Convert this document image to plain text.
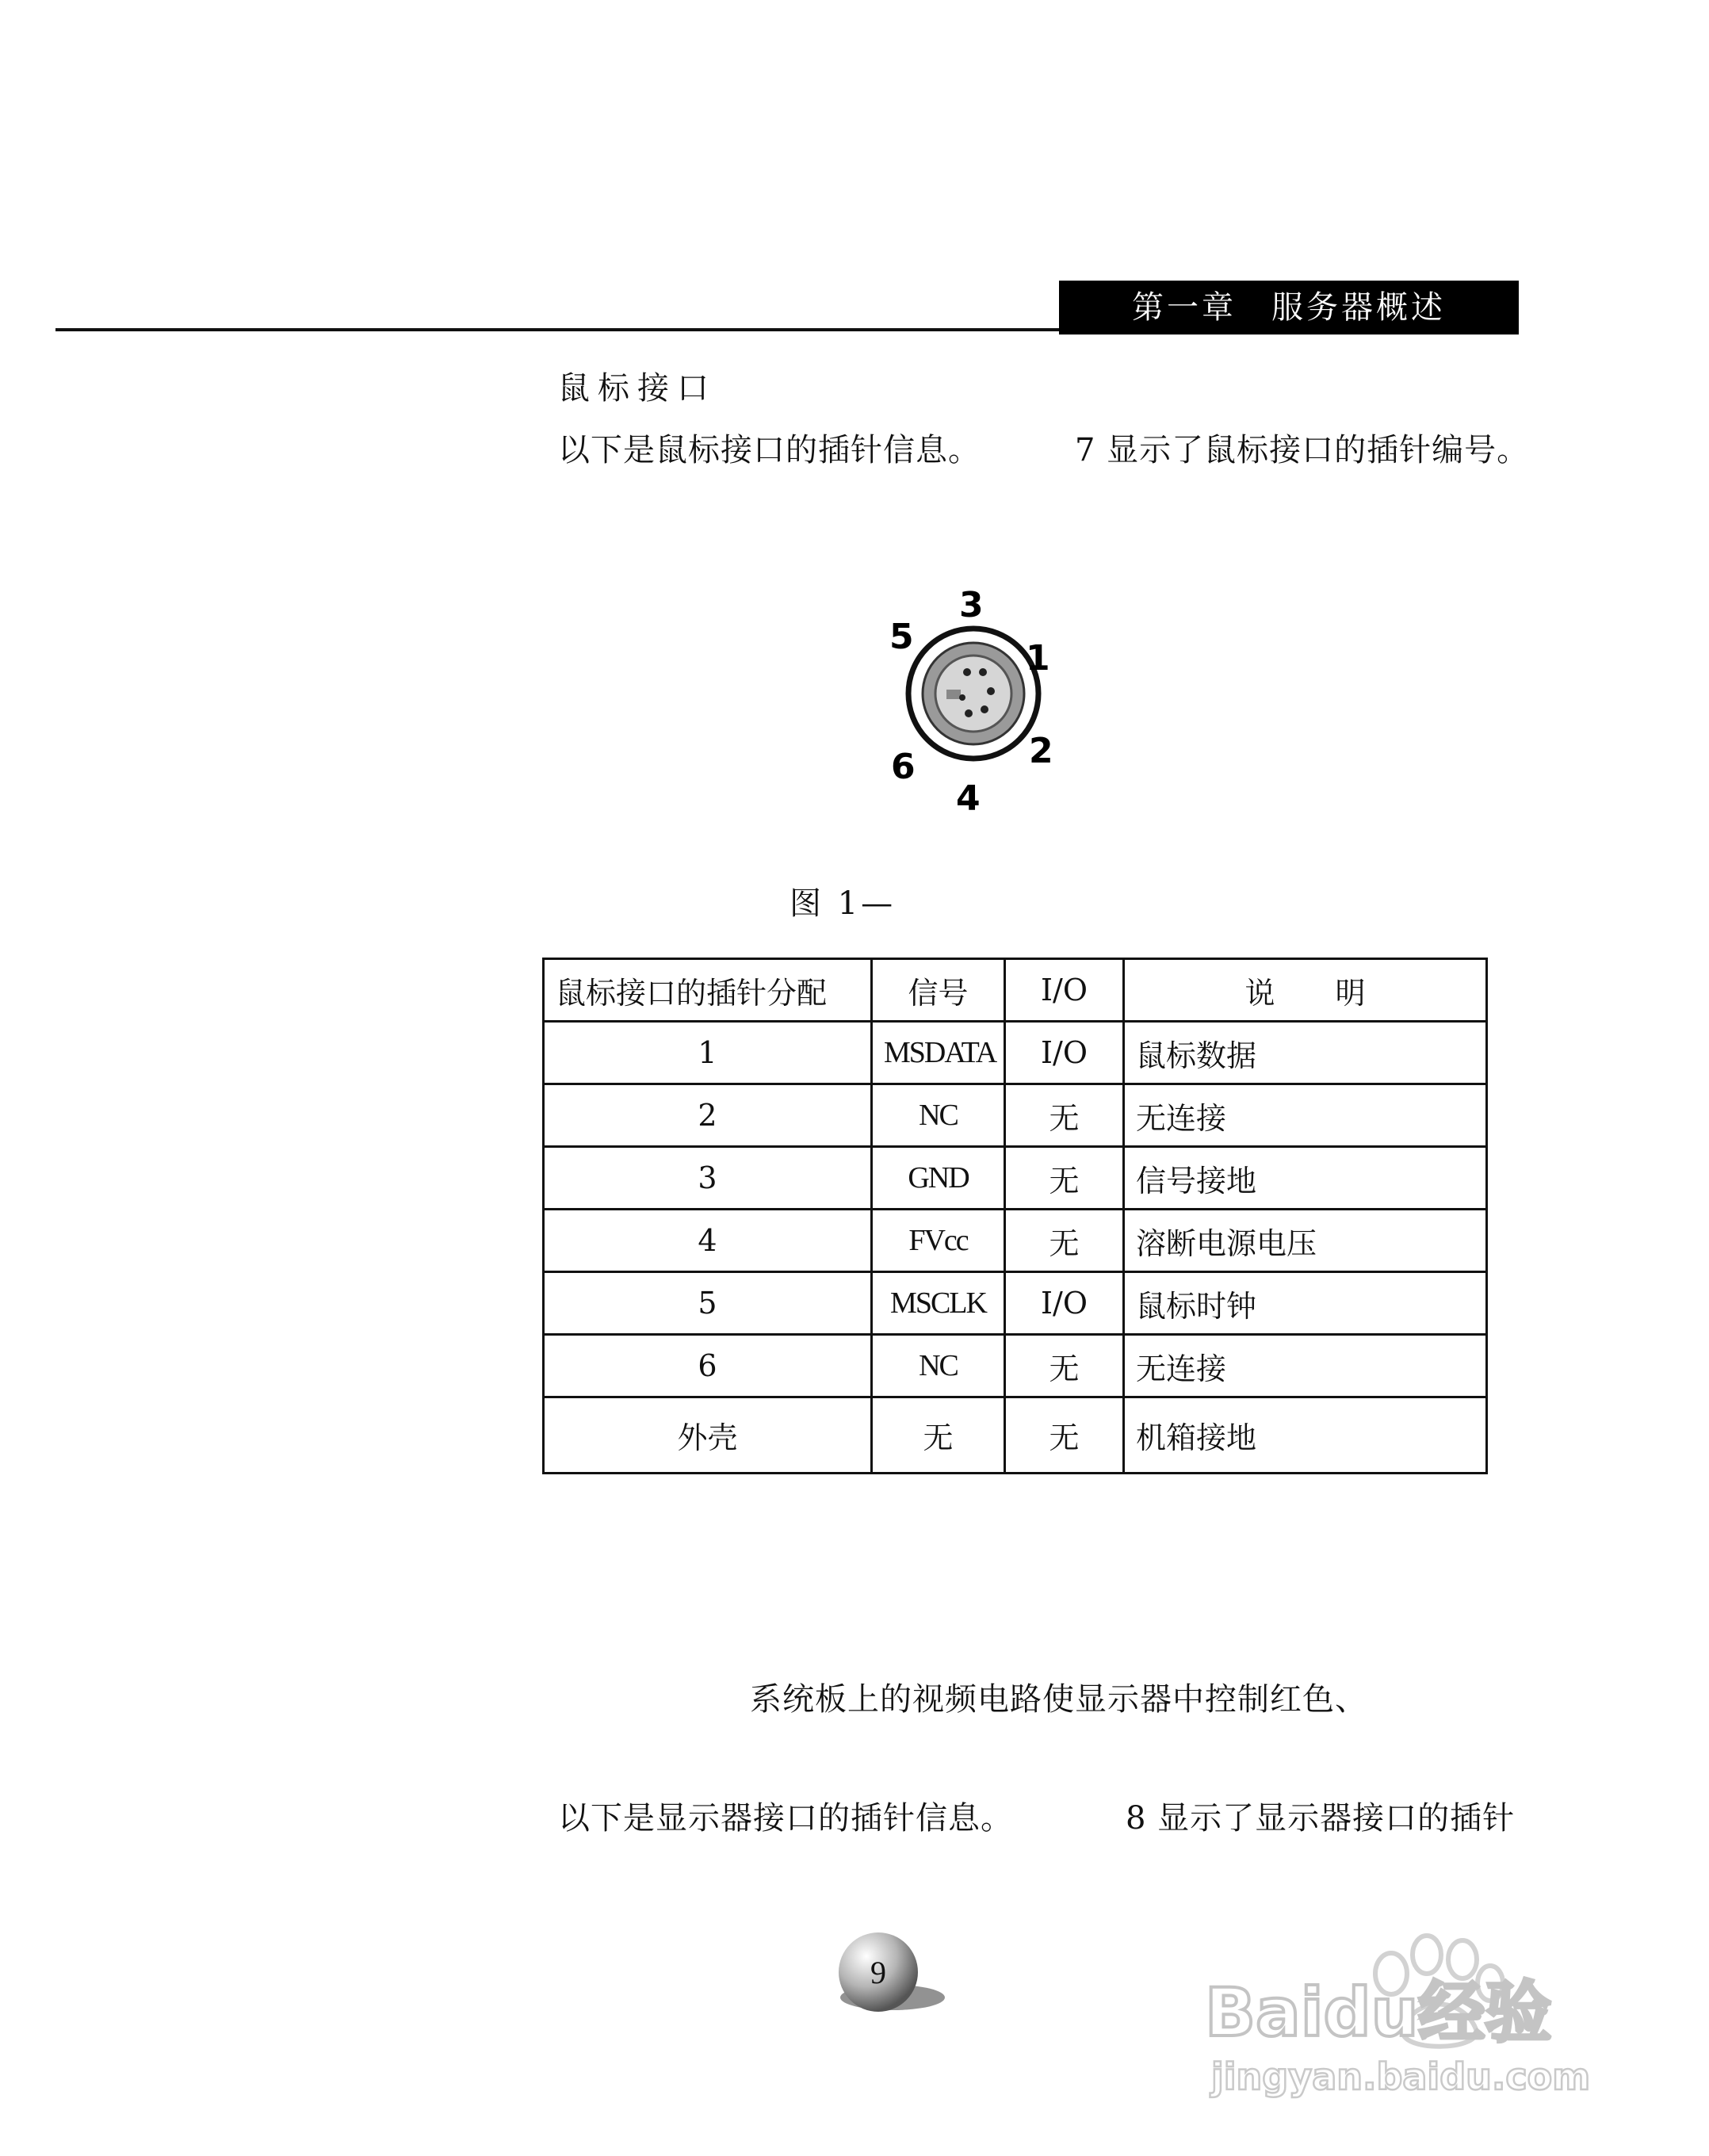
第一章　服务器概述
鼠标接口
以下是鼠标接口的插针信息。	7 显示了鼠标接口的插针编号。
1
2
3
4
5
6
图 1—
鼠标接口的插针分配	信号	I/O	说　　明
1	MSDATA	I/O	鼠标数据
2	NC	无	无连接
3	GND	无	信号接地
4	FVcc	无	溶断电源电压
5	MSCLK	I/O	鼠标时钟
6	NC	无	无连接
外壳	无	无	机箱接地
系统板上的视频电路使显示器中控制红色、
以下是显示器接口的插针信息。	8 显示了显示器接口的插针
9
Baidu经验
jingyan.baidu.com
